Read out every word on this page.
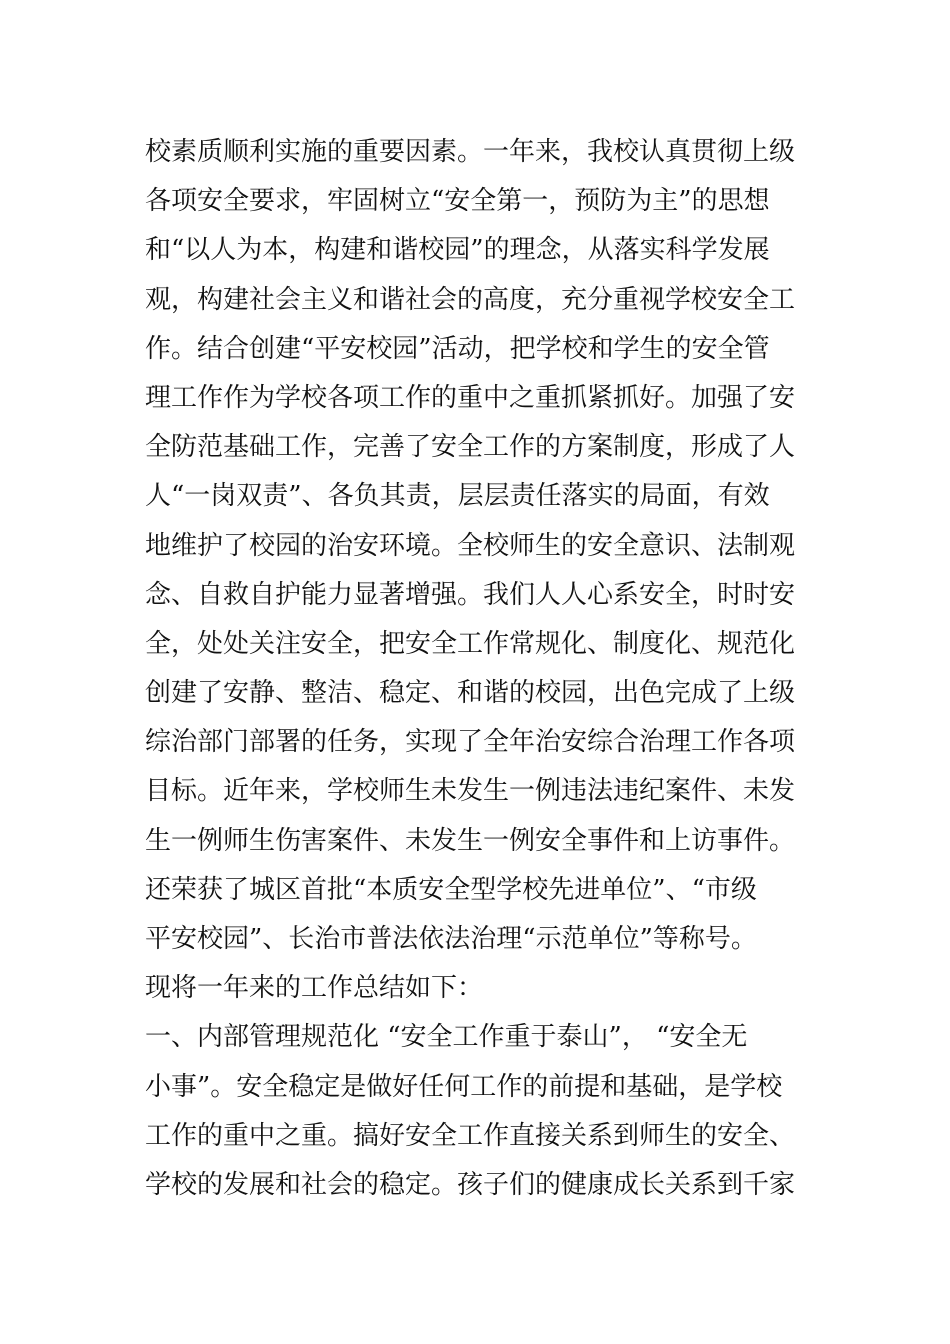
校素质顺利实施的重要因素。一年来，我校认真贯彻上级
各项安全要求，牢固树立“安全第一，预防为主”的思想
和“以人为本，构建和谐校园”的理念，从落实科学发展
观，构建社会主义和谐社会的高度，充分重视学校安全工
作。结合创建“平安校园”活动，把学校和学生的安全管
理工作作为学校各项工作的重中之重抓紧抓好。加强了安
全防范基础工作，完善了安全工作的方案制度，形成了人
人“一岗双责”、各负其责，层层责任落实的局面，有效
地维护了校园的治安环境。全校师生的安全意识、法制观
念、自救自护能力显著增强。我们人人心系安全，时时安
全，处处关注安全，把安全工作常规化、制度化、规范化
创建了安静、整洁、稳定、和谐的校园，出色完成了上级
综治部门部署的任务，实现了全年治安综合治理工作各项
目标。近年来，学校师生未发生一例违法违纪案件、未发
生一例师生伤害案件、未发生一例安全事件和上访事件。
还荣获了城区首批“本质安全型学校先进单位”、“市级
平安校园”、长治市普法依法治理“示范单位”等称号。
现将一年来的工作总结如下：
一、内部管理规范化 “安全工作重于泰山”， “安全无
小事”。安全稳定是做好任何工作的前提和基础，是学校
工作的重中之重。搞好安全工作直接关系到师生的安全、
学校的发展和社会的稳定。孩子们的健康成长关系到千家
